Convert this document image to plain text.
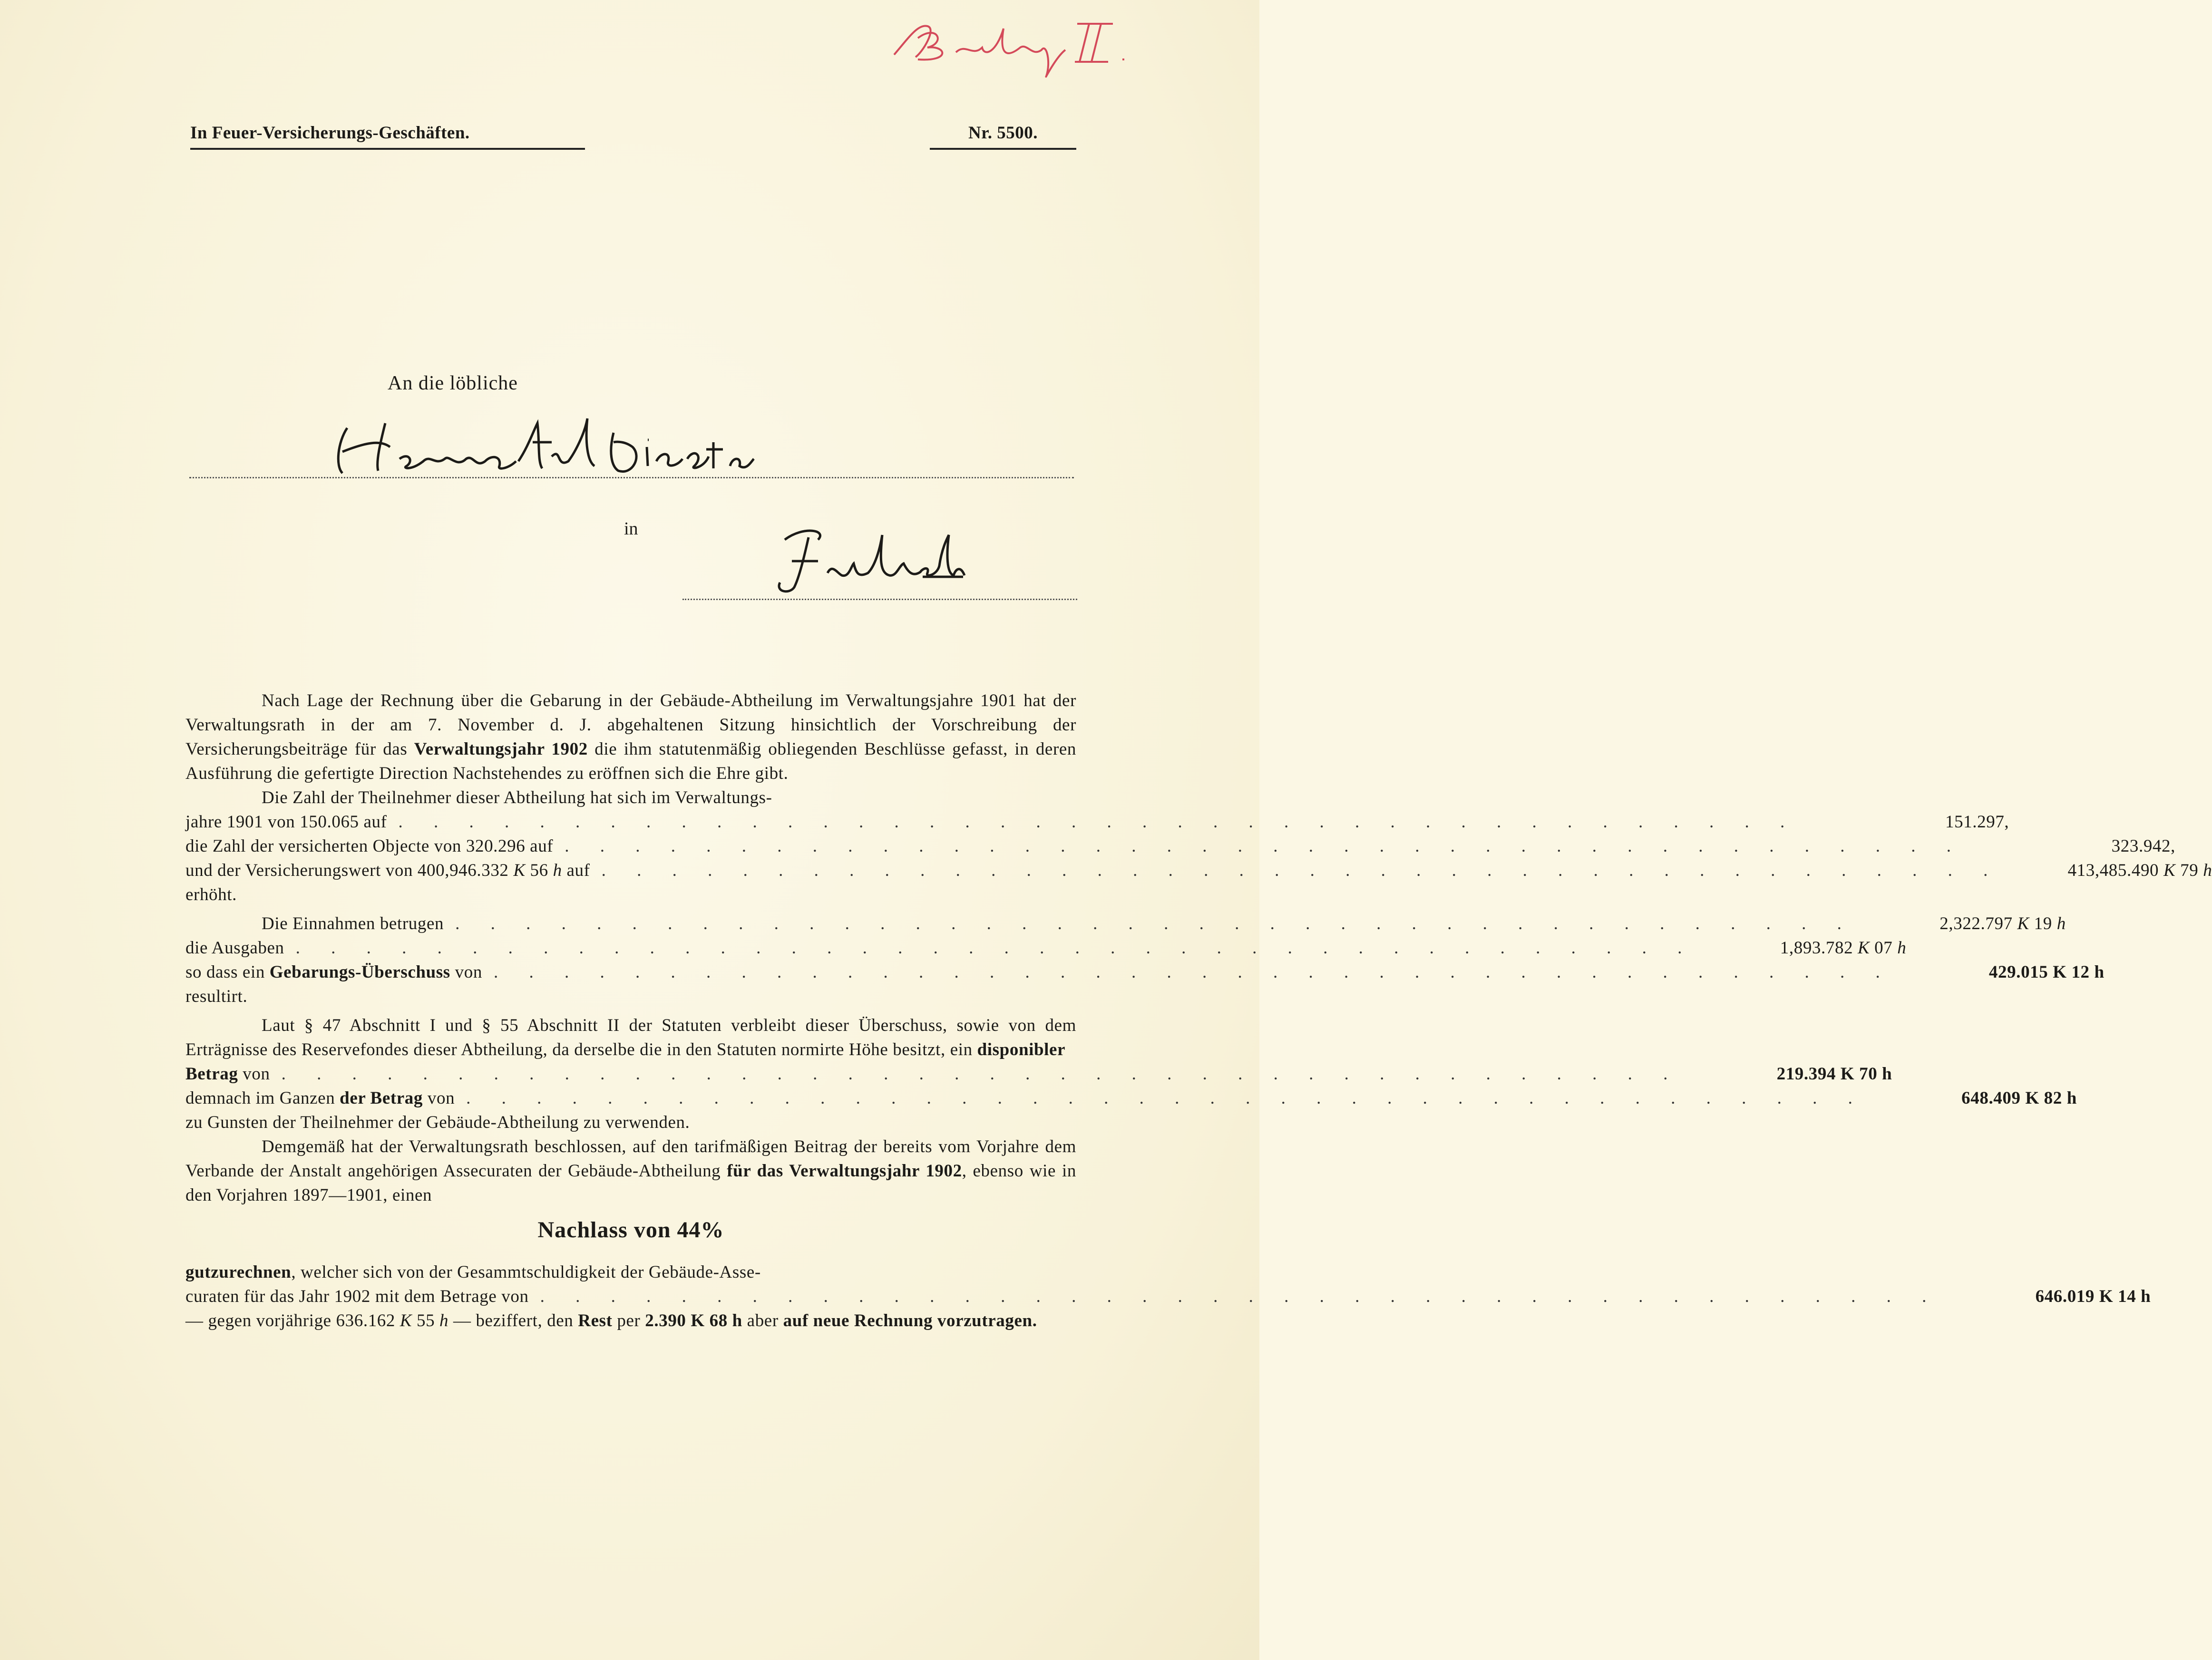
Beilage II.
In Feuer-Versicherungs-Geschäften.	Nr. 5500.
An die löbliche
Herrschafts Direction
in	Fulnek

Nach Lage der Rechnung über die Gebarung in der Gebäude-Abtheilung im Verwaltungsjahre 1901 hat der Verwaltungsrath in der am 7. November d. J. abgehaltenen Sitzung hinsichtlich der Vorschreibung der Versicherungsbeiträge für das Verwaltungsjahr 1902 die ihm statutenmäßig obliegenden Beschlüsse gefasst, in deren Ausführung die gefertigte Direction Nachstehendes zu eröffnen sich die Ehre gibt.

Die Zahl der Theilnehmer dieser Abtheilung hat sich im Verwaltungs-

jahre 1901 von 150.065 auf . . . . . . . . . . . . . . . . . . . . . . . . . . . . . . . . . . . . . . . .	151.297,
die Zahl der versicherten Objecte von 320.296 auf . . . . . . . . . . . . . . . . . . . . . . . . . . . . . . . . . . . . . . . .	323.942,
und der Versicherungswert von 400,946.332 K 56 h auf . . . . . . . . . . . . . . . . . . . . . . . . . . . . . . . . . . . . . . . .	413,485.490 K 79 h

erhöht.

Die Einnahmen betrugen . . . . . . . . . . . . . . . . . . . . . . . . . . . . . . . . . . . . . . . .	2,322.797 K 19 h
die Ausgaben . . . . . . . . . . . . . . . . . . . . . . . . . . . . . . . . . . . . . . . .	1,893.782 K 07 h
so dass ein Gebarungs-Überschuss von . . . . . . . . . . . . . . . . . . . . . . . . . . . . . . . . . . . . . . . .	429.015 K 12 h

resultirt.

Laut § 47 Abschnitt I und § 55 Abschnitt II der Statuten verbleibt dieser Überschuss, sowie von dem Erträgnisse des Reservefondes dieser Abtheilung, da derselbe die in den Statuten normirte Höhe besitzt, ein disponibler

Betrag von . . . . . . . . . . . . . . . . . . . . . . . . . . . . . . . . . . . . . . . .	219.394 K 70 h
demnach im Ganzen der Betrag von . . . . . . . . . . . . . . . . . . . . . . . . . . . . . . . . . . . . . . . .	648.409 K 82 h

zu Gunsten der Theilnehmer der Gebäude-Abtheilung zu verwenden.

Demgemäß hat der Verwaltungsrath beschlossen, auf den tarifmäßigen Beitrag der bereits vom Vorjahre dem Verbande der Anstalt angehörigen Assecuraten der Gebäude-Abtheilung für das Verwaltungsjahr 1902, ebenso wie in den Vorjahren 1897—1901, einen

Nachlass von 44%

gutzurechnen, welcher sich von der Gesammtschuldigkeit der Gebäude-Asse-

curaten für das Jahr 1902 mit dem Betrage von . . . . . . . . . . . . . . . . . . . . . . . . . . . . . . . . . . . . . . . .	646.019 K 14 h

— gegen vorjährige 636.162 K 55 h — beziffert, den Rest per 2.390 K 68 h aber auf neue Rechnung vorzutragen.
